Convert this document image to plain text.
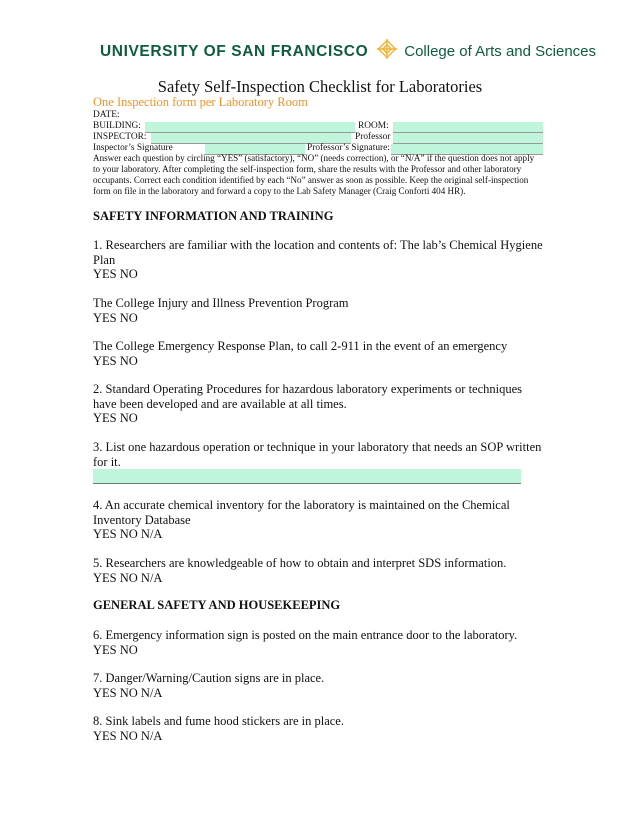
UNIVERSITY OF SAN FRANCISCO College of Arts and Sciences
Safety Self-Inspection Checklist for Laboratories
One Inspection form per Laboratory Room
DATE:
BUILDING:	ROOM:
INSPECTOR:	Professor
Inspector’s Signature	Professor’s Signature:
Answer each question by circling “YES” (satisfactory), “NO” (needs correction), or “N/A” if the question does not apply to your laboratory. After completing the self-inspection form, share the results with the Professor and other laboratory occupants. Correct each condition identified by each “No” answer as soon as possible. Keep the original self-inspection form on file in the laboratory and forward a copy to the Lab Safety Manager (Craig Conforti 404 HR).
SAFETY INFORMATION AND TRAINING
1. Researchers are familiar with the location and contents of: The lab’s Chemical Hygiene Plan
YES NO
The College Injury and Illness Prevention Program
YES NO
The College Emergency Response Plan, to call 2-911 in the event of an emergency
YES NO
2. Standard Operating Procedures for hazardous laboratory experiments or techniques have been developed and are available at all times.
YES NO
3. List one hazardous operation or technique in your laboratory that needs an SOP written for it.
4. An accurate chemical inventory for the laboratory is maintained on the Chemical Inventory Database
YES NO N/A
5. Researchers are knowledgeable of how to obtain and interpret SDS information.
YES NO N/A
GENERAL SAFETY AND HOUSEKEEPING
6. Emergency information sign is posted on the main entrance door to the laboratory.
YES NO
7. Danger/Warning/Caution signs are in place.
YES NO N/A
8. Sink labels and fume hood stickers are in place.
YES NO N/A
